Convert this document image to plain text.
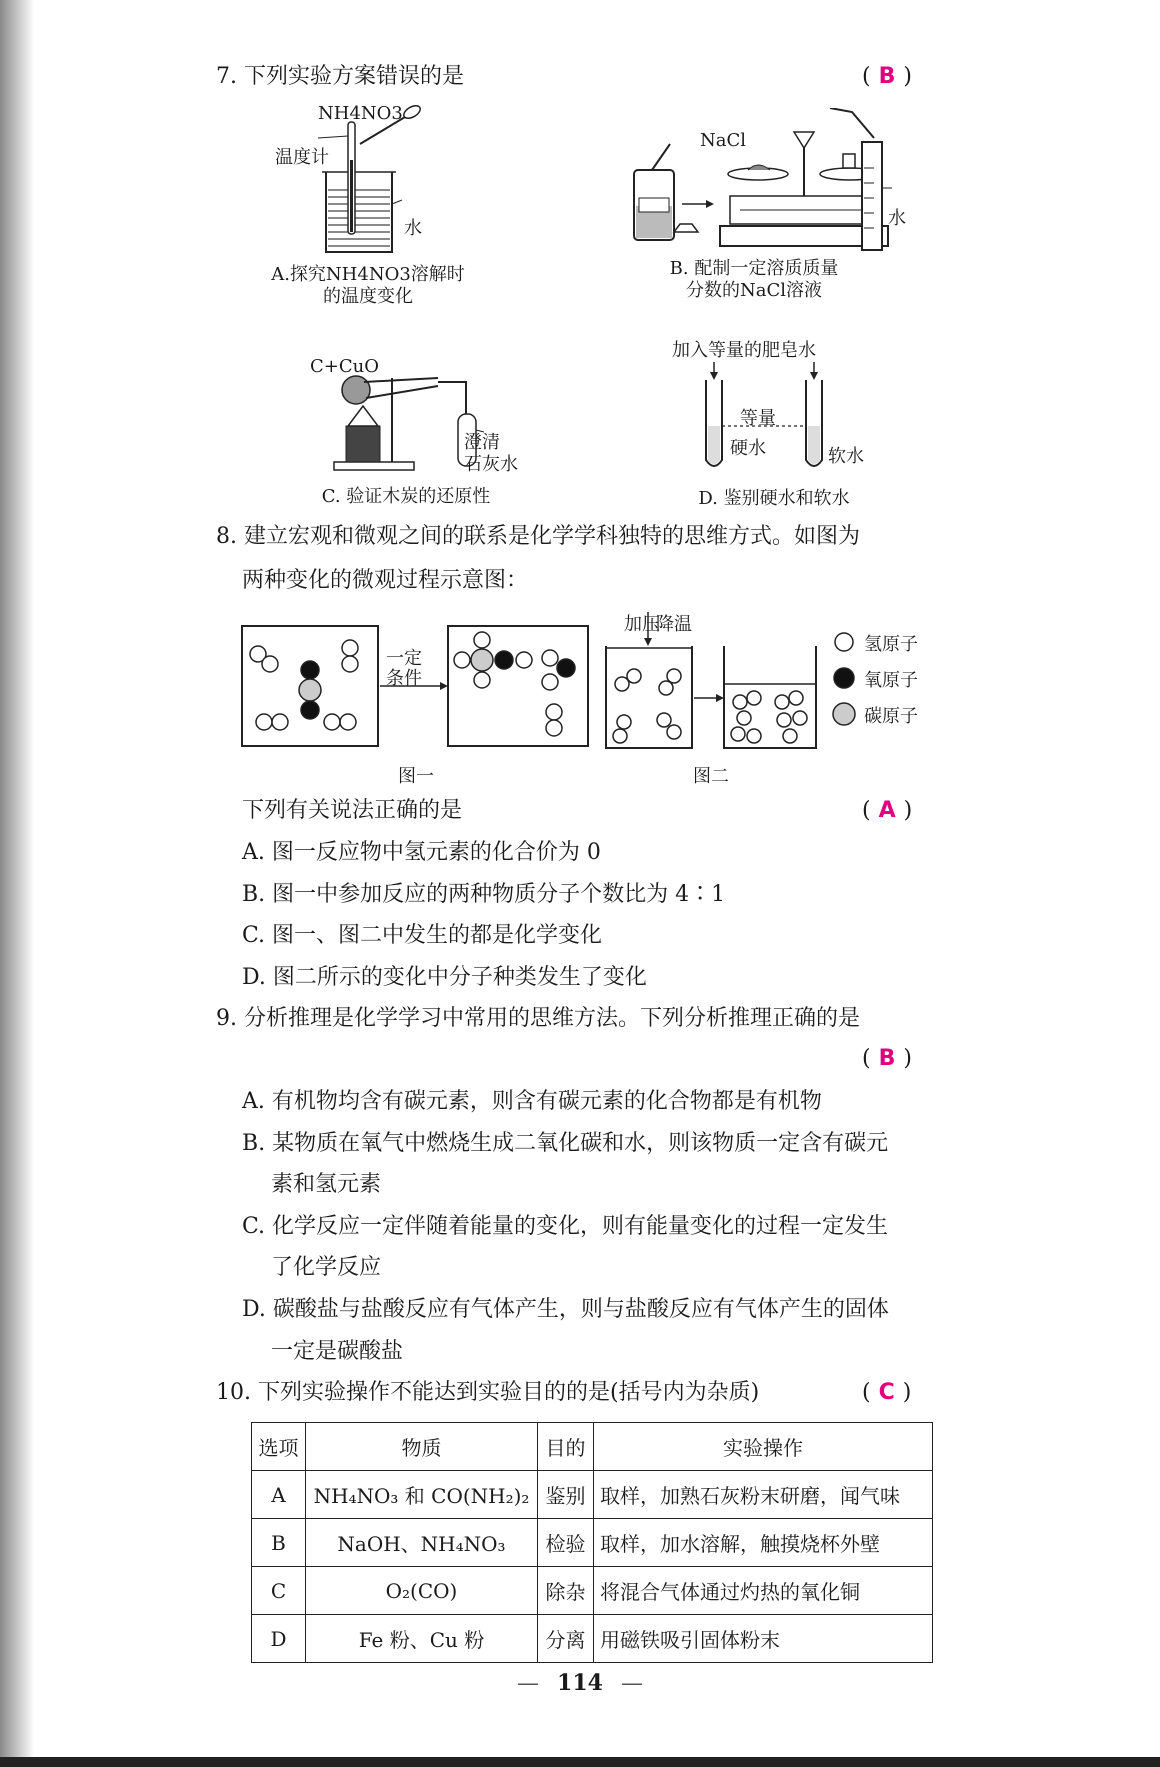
7. 下列实验方案错误的是	( B )
NH4NO3
温度计
水
A.探究NH4NO3溶解时
的温度变化
NaCl
水
B. 配制一定溶质质量
分数的NaCl溶液
C+CuO
澄清
石灰水
C. 验证木炭的还原性
加入等量的肥皂水
等量
硬水	软水
D. 鉴别硬水和软水
8. 建立宏观和微观之间的联系是化学学科独特的思维方式。如图为
两种变化的微观过程示意图：
一定
条件
图一
加压
降温
图二
氢原子
氧原子
碳原子
下列有关说法正确的是	( A )
A. 图一反应物中氢元素的化合价为 0
B. 图一中参加反应的两种物质分子个数比为 4∶1
C. 图一、图二中发生的都是化学变化
D. 图二所示的变化中分子种类发生了变化
9. 分析推理是化学学习中常用的思维方法。下列分析推理正确的是
( B )
A. 有机物均含有碳元素，则含有碳元素的化合物都是有机物
B. 某物质在氧气中燃烧生成二氧化碳和水，则该物质一定含有碳元
素和氢元素
C. 化学反应一定伴随着能量的变化，则有能量变化的过程一定发生
了化学反应
D. 碳酸盐与盐酸反应有气体产生，则与盐酸反应有气体产生的固体
一定是碳酸盐
10. 下列实验操作不能达到实验目的的是(括号内为杂质)	( C )
选项	物质	目的	实验操作
A	NH₄NO₃ 和 CO(NH₂)₂	鉴别	取样，加熟石灰粉末研磨，闻气味
B	NaOH、NH₄NO₃	检验	取样，加水溶解，触摸烧杯外壁
C	O₂(CO)	除杂	将混合气体通过灼热的氧化铜
D	Fe 粉、Cu 粉	分离	用磁铁吸引固体粉末
— 114 —
